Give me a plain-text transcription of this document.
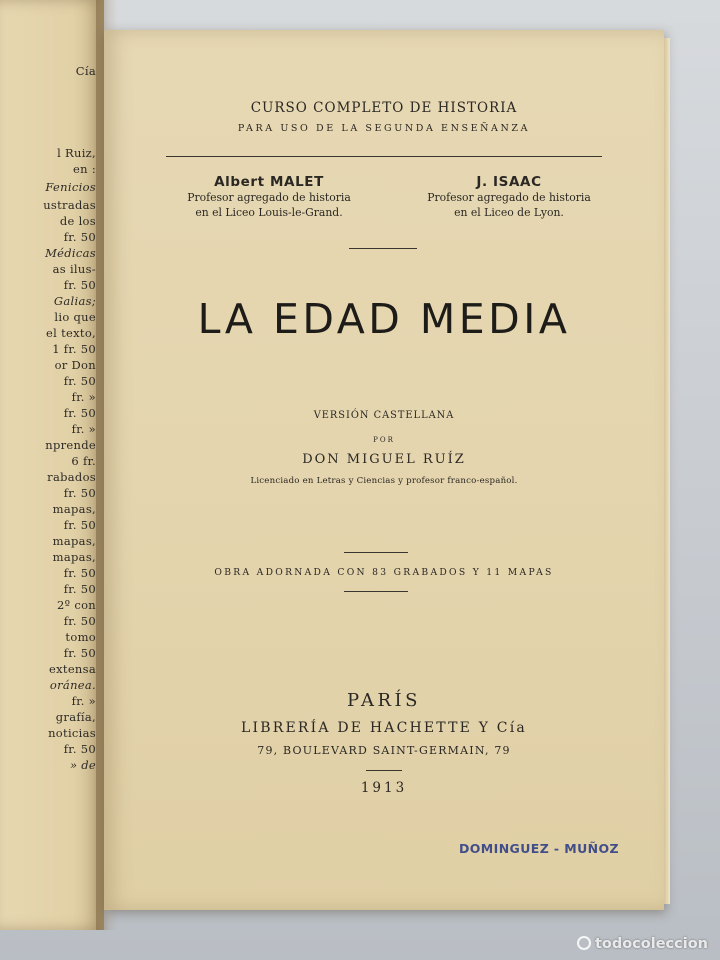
Cía
l Ruiz,
en :
Fenicios
ustradas
de los
fr. 50
Médicas
as ilus-
fr. 50
Galias;
lio que
el texto,
1 fr. 50
or Don
fr. 50
fr. »
fr. 50
fr. »
nprende
6 fr.
rabados
fr. 50
mapas,
fr. 50
mapas,
mapas,
fr. 50
fr. 50
2º con
fr. 50
tomo
fr. 50
extensa
oránea.
fr. »
grafía,
noticias
fr. 50
» de
CURSO COMPLETO DE HISTORIA
PARA USO DE LA SEGUNDA ENSEÑANZA
Albert MALET
Profesor agregado de historia
en el Liceo Louis-le-Grand.
J. ISAAC
Profesor agregado de historia
en el Liceo de Lyon.
LA EDAD MEDIA
VERSIÓN CASTELLANA
POR
DON MIGUEL RUÍZ
Licenciado en Letras y Ciencias y profesor franco-español.
OBRA ADORNADA CON 83 GRABADOS Y 11 MAPAS
PARÍS
LIBRERÍA DE HACHETTE Y Cía
79, BOULEVARD SAINT-GERMAIN, 79
1913
DOMINGUEZ - MUÑOZ
todocoleccion
